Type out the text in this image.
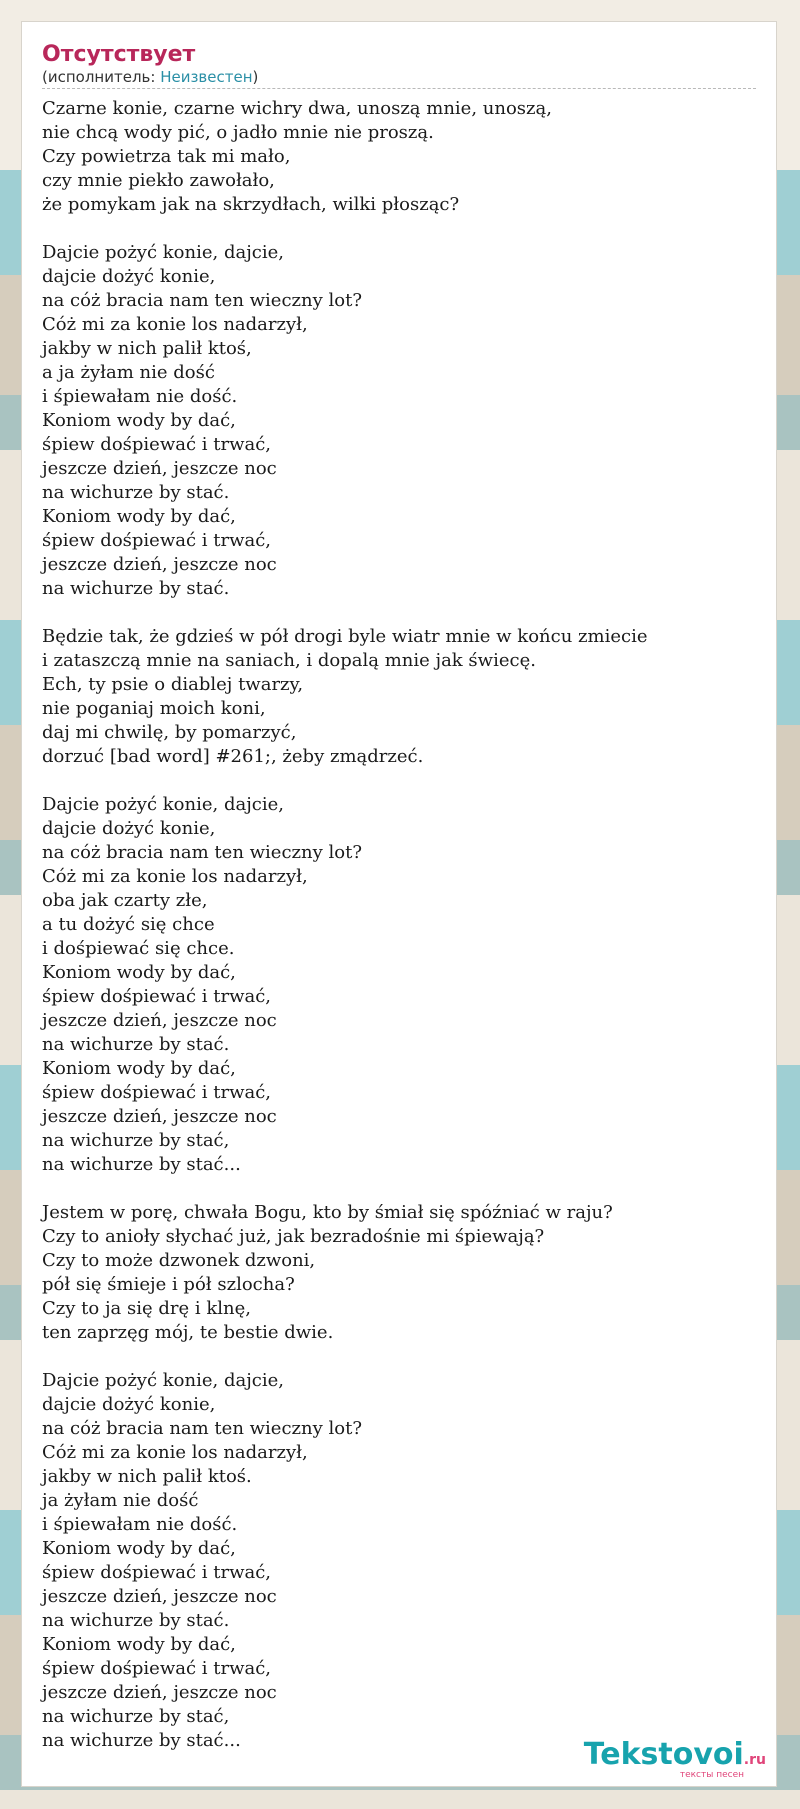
Отсутствует
(исполнитель: Неизвестен)
Czarne konie, czarne wichry dwa, unoszą mnie, unoszą,
nie chcą wody pić, o jadło mnie nie proszą.
Czy powietrza tak mi mało,
czy mnie piekło zawołało,
że pomykam jak na skrzydłach, wilki płosząc?
Dajcie pożyć konie, dajcie,
dajcie dożyć konie,
na cóż bracia nam ten wieczny lot?
Cóż mi za konie los nadarzył,
jakby w nich palił ktoś,
a ja żyłam nie dość
i śpiewałam nie dość.
Koniom wody by dać,
śpiew dośpiewać i trwać,
jeszcze dzień, jeszcze noc
na wichurze by stać.
Koniom wody by dać,
śpiew dośpiewać i trwać,
jeszcze dzień, jeszcze noc
na wichurze by stać.
Będzie tak, że gdzieś w pół drogi byle wiatr mnie w końcu zmiecie
i zataszczą mnie na saniach, i dopalą mnie jak świecę.
Ech, ty psie o diablej twarzy,
nie poganiaj moich koni,
daj mi chwilę, by pomarzyć,
dorzuć [bad word] #261;, żeby zmądrzeć.
Dajcie pożyć konie, dajcie,
dajcie dożyć konie,
na cóż bracia nam ten wieczny lot?
Cóż mi za konie los nadarzył,
oba jak czarty złe,
a tu dożyć się chce
i dośpiewać się chce.
Koniom wody by dać,
śpiew dośpiewać i trwać,
jeszcze dzień, jeszcze noc
na wichurze by stać.
Koniom wody by dać,
śpiew dośpiewać i trwać,
jeszcze dzień, jeszcze noc
na wichurze by stać,
na wichurze by stać...
Jestem w porę, chwała Bogu, kto by śmiał się spóźniać w raju?
Czy to anioły słychać już, jak bezradośnie mi śpiewają?
Czy to może dzwonek dzwoni,
pół się śmieje i pół szlocha?
Czy to ja się drę i klnę,
ten zaprzęg mój, te bestie dwie.
Dajcie pożyć konie, dajcie,
dajcie dożyć konie,
na cóż bracia nam ten wieczny lot?
Cóż mi za konie los nadarzył,
jakby w nich palił ktoś.
ja żyłam nie dość
i śpiewałam nie dość.
Koniom wody by dać,
śpiew dośpiewać i trwać,
jeszcze dzień, jeszcze noc
na wichurze by stać.
Koniom wody by dać,
śpiew dośpiewać i trwać,
jeszcze dzień, jeszcze noc
na wichurze by stać,
na wichurze by stać...	Tekstovoi.ru
тексты песен
